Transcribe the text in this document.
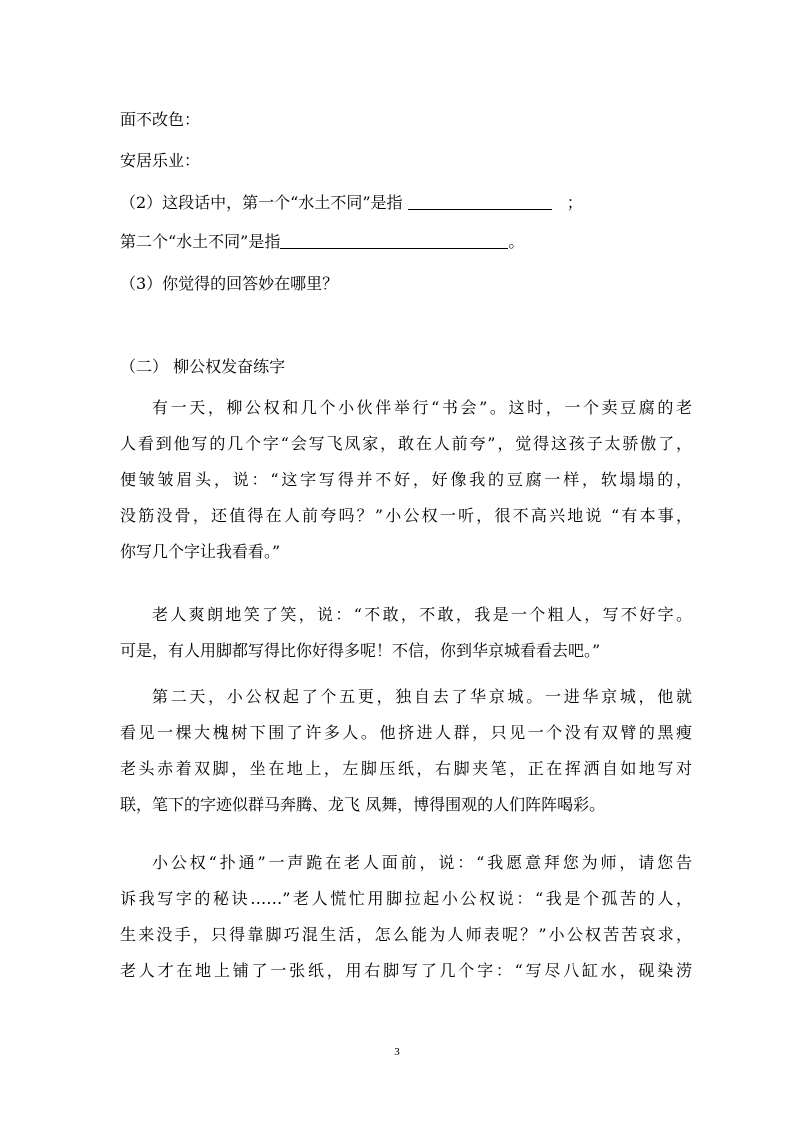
面不改色：
安居乐业：
（2）这段话中，第一个“水土不同”是指	；
第二个“水土不同”是指	。
（3）你觉得的回答妙在哪里？
（二） 柳公权发奋练字
有一天，柳公权和几个小伙伴举行“书会”。这时，一个卖豆腐的老
人看到他写的几个字“会写飞凤家，敢在人前夸”，觉得这孩子太骄傲了，
便皱皱眉头，说：“这字写得并不好，好像我的豆腐一样，软塌塌的，
没筋没骨，还值得在人前夸吗？”小公权一听，很不高兴地说 “有本事，
你写几个字让我看看。”
老人爽朗地笑了笑，说：“不敢，不敢，我是一个粗人，写不好字。
可是，有人用脚都写得比你好得多呢！不信，你到华京城看看去吧。”
第二天，小公权起了个五更，独自去了华京城。一进华京城，他就
看见一棵大槐树下围了许多人。他挤进人群，只见一个没有双臂的黑瘦
老头赤着双脚，坐在地上，左脚压纸，右脚夹笔，正在挥洒自如地写对
联，笔下的字迹似群马奔腾、龙飞 凤舞，博得围观的人们阵阵喝彩。
小公权“扑通”一声跪在老人面前，说：“我愿意拜您为师，请您告
诉我写字的秘诀……”老人慌忙用脚拉起小公权说：“我是个孤苦的人，
生来没手，只得靠脚巧混生活，怎么能为人师表呢？”小公权苦苦哀求，
老人才在地上铺了一张纸，用右脚写了几个字：“写尽八缸水，砚染涝
3
